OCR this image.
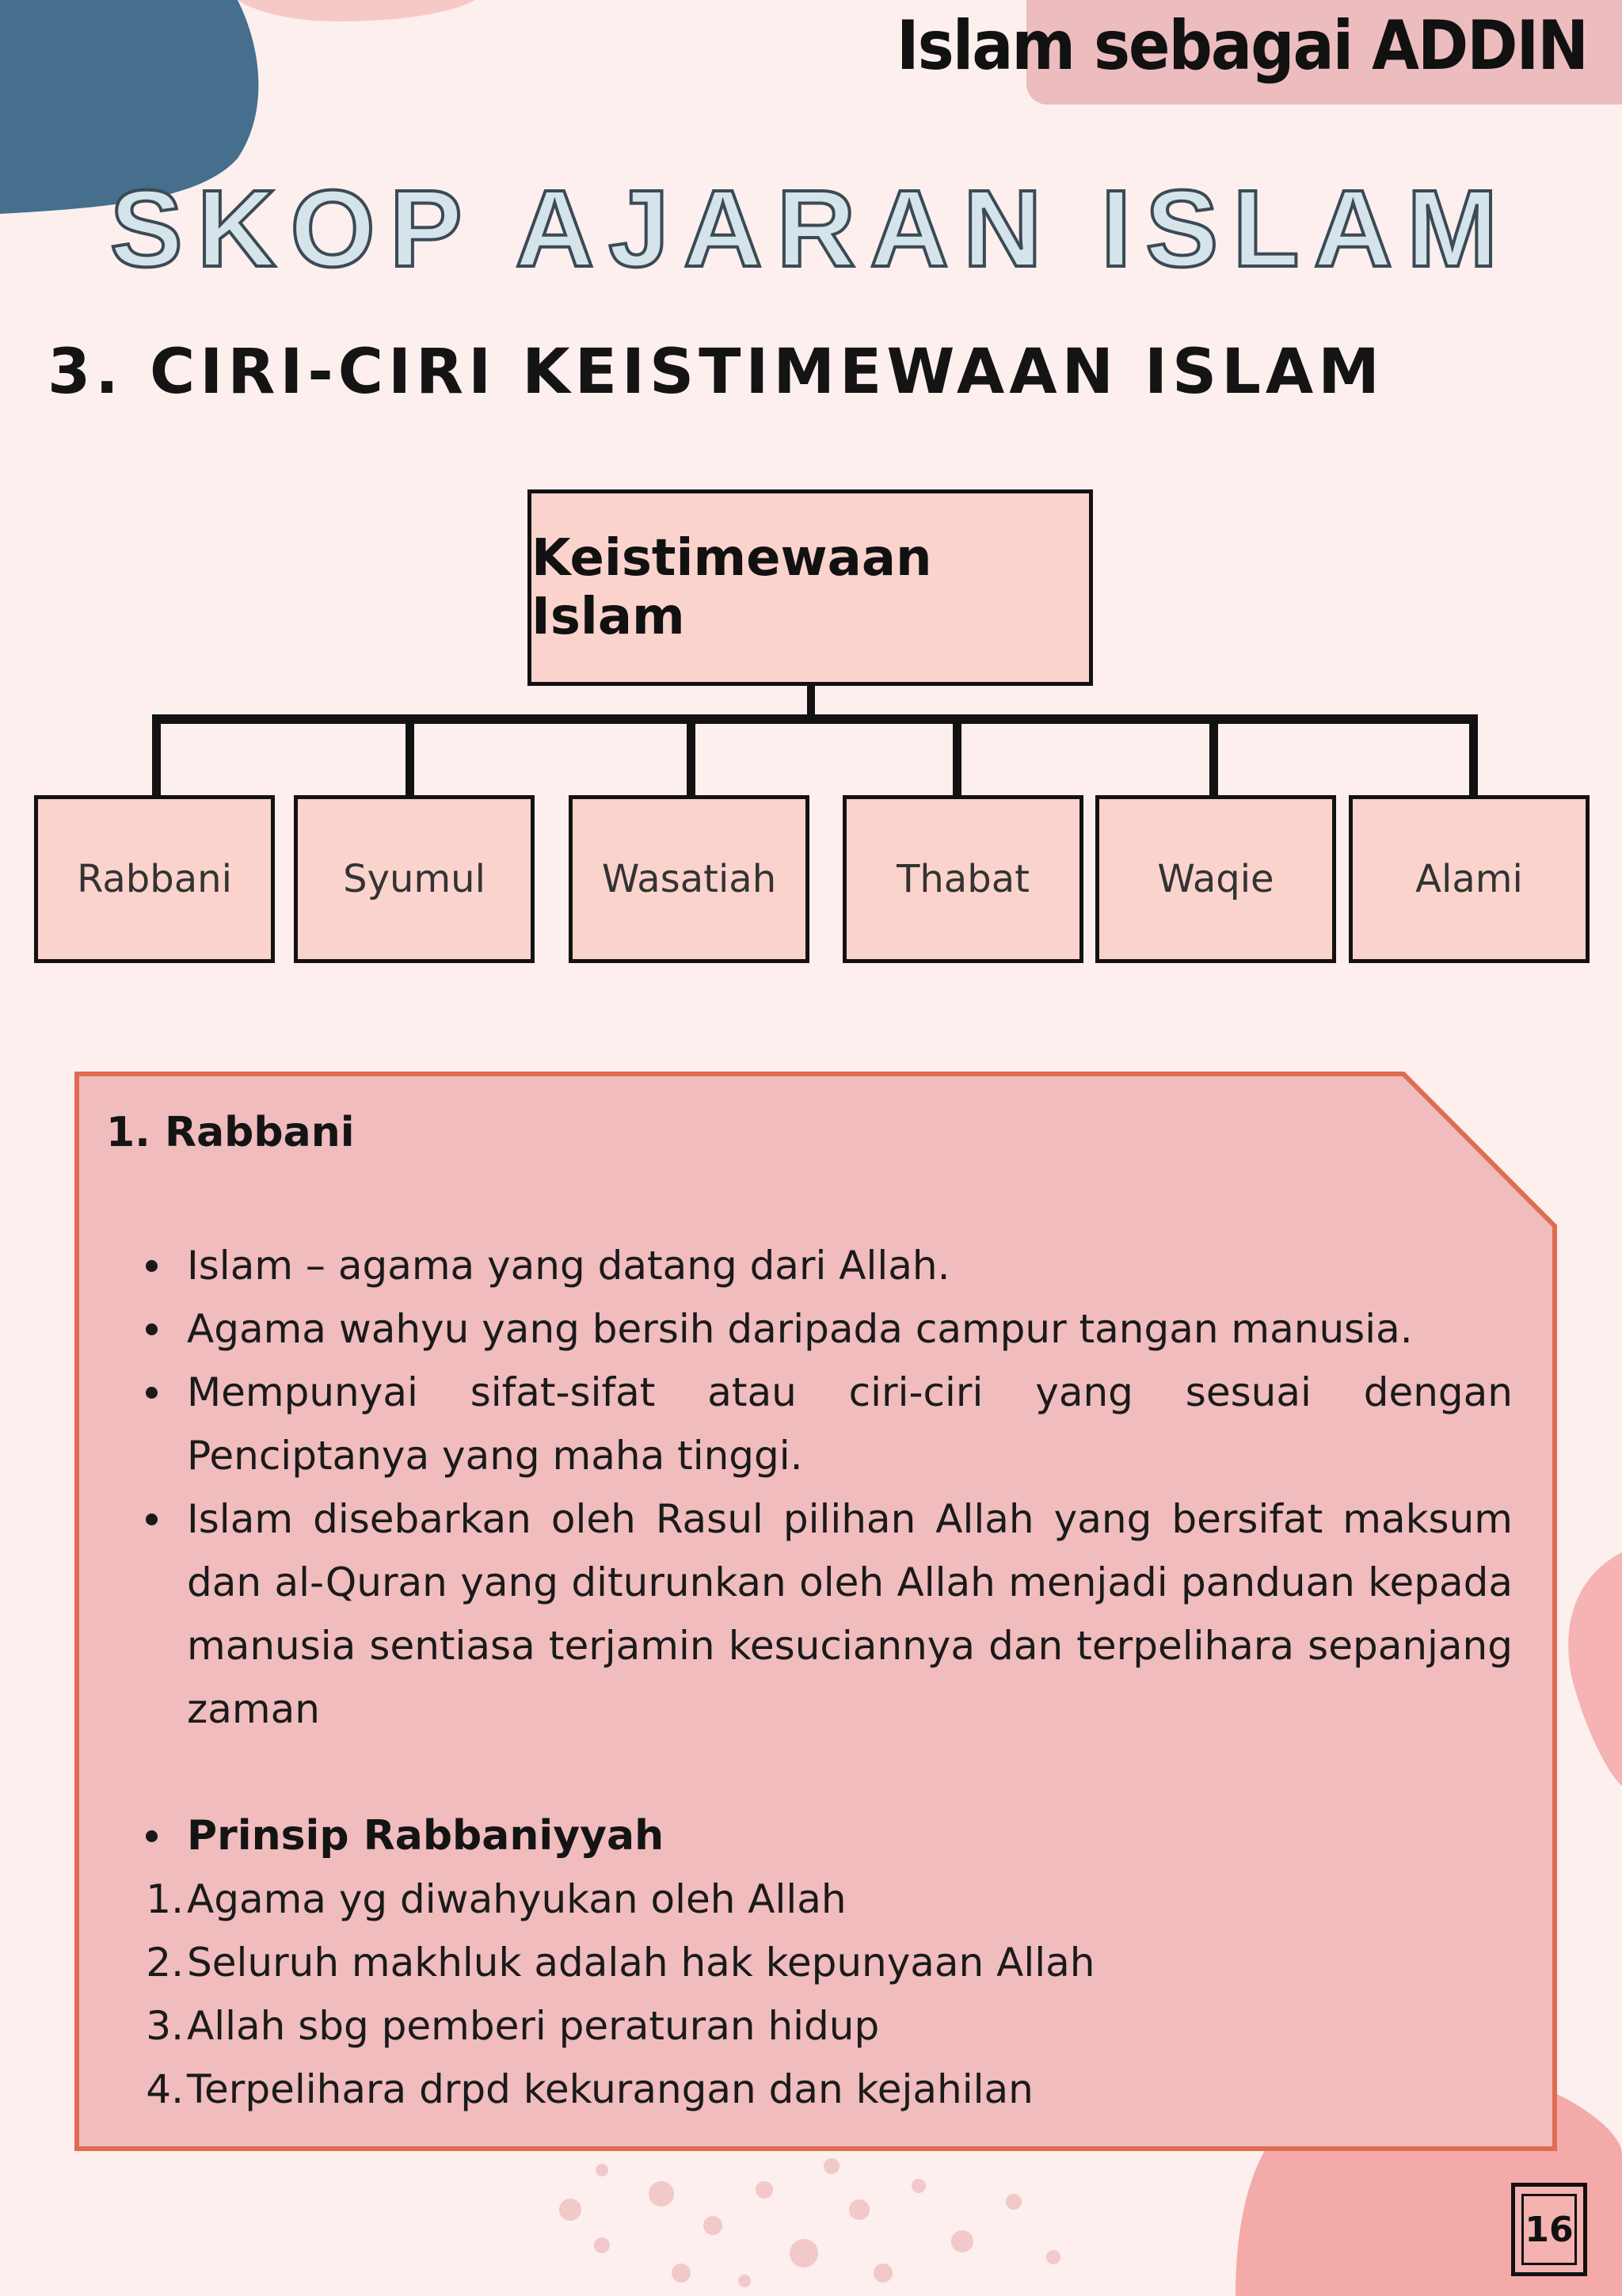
Islam sebagai ADDIN
SKOP AJARAN ISLAM
3. CIRI-CIRI KEISTIMEWAAN ISLAM
Keistimewaan Islam
Rabbani	Syumul	Wasatiah	Thabat	Waqie	Alami
1. Rabbani
Islam – agama yang datang dari Allah.
Agama wahyu yang bersih daripada campur tangan manusia.
Mempunyai sifat-sifat atau ciri-ciri yang sesuai dengan Penciptanya yang maha tinggi.
Islam disebarkan oleh Rasul pilihan Allah yang bersifat maksum dan al-Quran yang diturunkan oleh Allah menjadi panduan kepada manusia sentiasa terjamin kesuciannya dan terpelihara sepanjang zaman
Prinsip Rabbaniyyah
1. Agama yg diwahyukan oleh Allah
2. Seluruh makhluk adalah hak kepunyaan Allah
3. Allah sbg pemberi peraturan hidup
4. Terpelihara drpd kekurangan dan kejahilan
16
